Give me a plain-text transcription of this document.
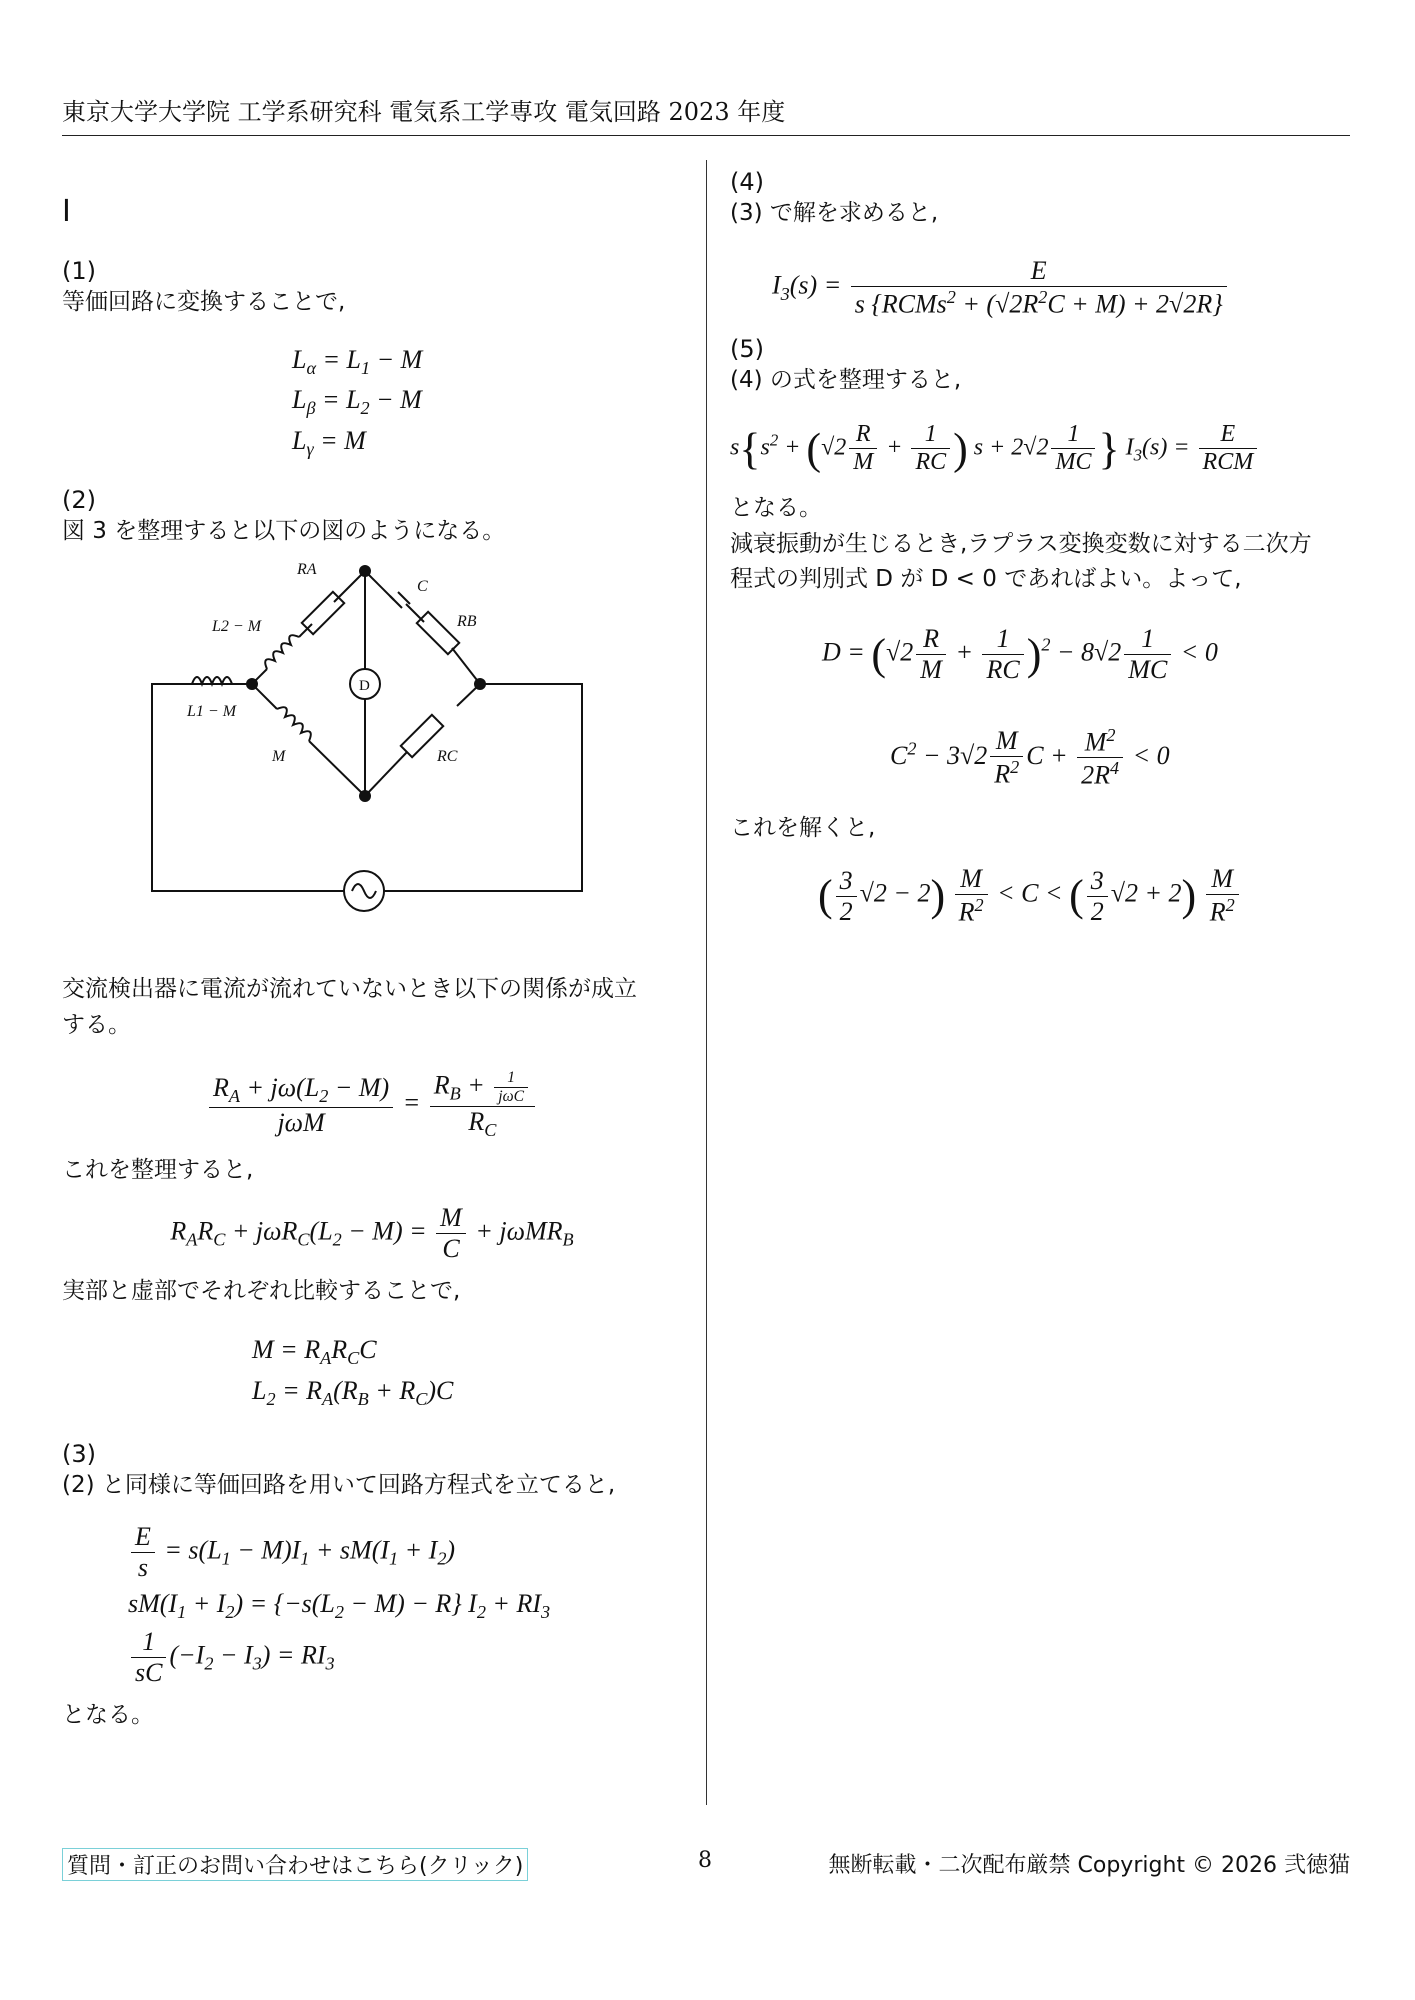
東京大学大学院 工学系研究科 電気系工学専攻 電気回路 2023 年度

I

(1)

等価回路に変換することで,

$L_\alpha = L_1 - M$
$L_\beta = L_2 - M$
$L_\gamma = M$

(2)

図 3 を整理すると以下の図のようになる。

RA
C
RB
L2 − M
L1 − M
M	RC
D

交流検出器に電流が流れていないとき以下の関係が成立

する。

$\frac{R_A + j\omega(L_2 - M)}{\text{jωM}} = \frac{R_B + \frac{1}{\text{jωC}}}{R_C}$

これを整理すると,

$R_AR_C + j\omega R_C(L_2 - M) = \frac{M}{C} + j\omega MR_B$

実部と虚部でそれぞれ比較することで,

$M = R_AR_CC$
$L_2 = R_A(R_B + R_C)C$

(3)

(2) と同様に等価回路を用いて回路方程式を立てると,

$\frac{E}{s} = s(L_1 - M)I_1 + sM(I_1 + I_2)$
$sM(I_1 + I_2) = \{-s(L_2 - M) - R\} I_2 + RI_3$
$\frac{1}{sC} (-I_2 - I_3) = RI_3$

となる。

(4)

(3) で解を求めると,

$I_3(s) = \frac{E}{s \{RCMs^2 + (√2R^2C + M) + 2√2R\}}$

(5)

(4) の式を整理すると,

$s\{s^2 + (√2 \frac{R}{M} + \frac{1}{RC}$ ) $s + 2√2 \frac{1}{MC}$ } $I_3(s) = \frac{E}{\text{RCM}}$

となる。

減衰振動が生じるとき,ラプラス変換変数に対する二次方

程式の判別式 D が D < 0 であればよい。よって,

$D = (√2 \frac{R}{M} + \frac{1}{RC} )^2 - 8√2 \frac{1}{MC} < 0$
$C^2 - 3√2 \frac{M}{R^2}$ $C + \frac{M^2}{2R^4} < 0$

これを解くと,

( $\frac{3}{2} √2 - 2) \frac{M}{R^2} < C$ < ( $\frac{3}{2} √2 + 2) \frac{M}{R^2}$
質問・訂正のお問い合わせはこちら(クリック)	8	無断転載・二次配布厳禁 Copyright © 2026 弐徳猫
